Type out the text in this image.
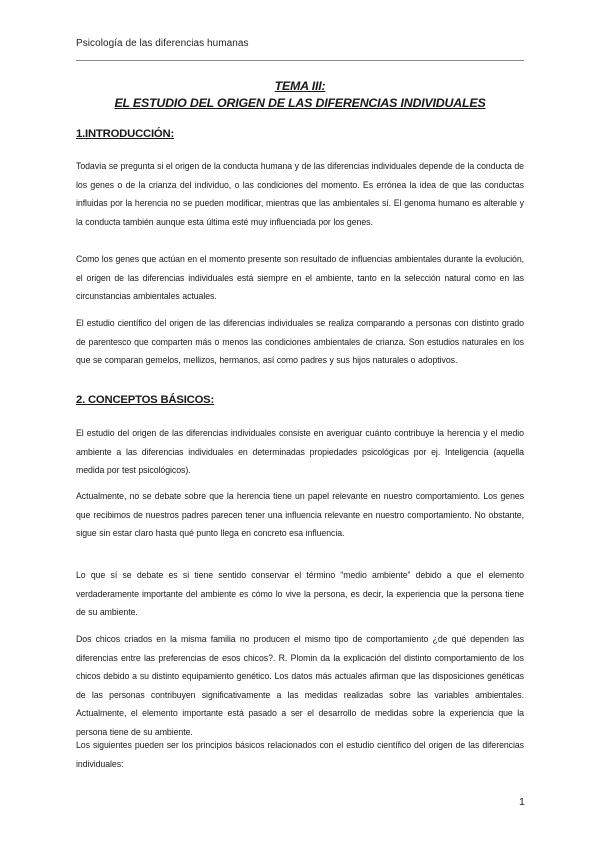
Psicología de las diferencias humanas
TEMA III:
EL ESTUDIO DEL ORIGEN DE LAS DIFERENCIAS INDIVIDUALES
1.INTRODUCCIÓN:

Todavía se pregunta si el origen de la conducta humana y de las diferencias individuales depende de la conducta de los genes o de la crianza del individuo, o las condiciones del momento. Es errónea la idea de que las conductas influidas por la herencia no se pueden modificar, mientras que las ambientales sí. El genoma humano es alterable y la conducta también aunque esta última esté muy influenciada por los genes.

Como los genes que actúan en el momento presente son resultado de influencias ambientales durante la evolución, el origen de las diferencias individuales está siempre en el ambiente, tanto en la selección natural como en las circunstancias ambientales actuales.

El estudio científico del origen de las diferencias individuales se realiza comparando a personas con distinto grado de parentesco que comparten más o menos las condiciones ambientales de crianza. Son estudios naturales en los que se comparan gemelos, mellizos, hermanos, así como padres y sus hijos naturales o adoptivos.

2. CONCEPTOS BÁSICOS:

El estudio del origen de las diferencias individuales consiste en averiguar cuánto contribuye la herencia y el medio ambiente a las diferencias individuales en determinadas propiedades psicológicas por ej. Inteligencia (aquella medida por test psicológicos).

Actualmente, no se debate sobre que la herencia tiene un papel relevante en nuestro comportamiento. Los genes que recibimos de nuestros padres parecen tener una influencia relevante en nuestro comportamiento. No obstante, sigue sin estar claro hasta qué punto llega en concreto esa influencia.

Lo que sí se debate es si tiene sentido conservar el término “medio ambiente” debido a que el elemento verdaderamente importante del ambiente es cómo lo vive la persona, es decir, la experiencia que la persona tiene de su ambiente.

Dos chicos criados en la misma familia no producen el mismo tipo de comportamiento ¿de qué dependen las diferencias entre las preferencias de esos chicos?. R. Plomin da la explicación del distinto comportamiento de los chicos debido a su distinto equipamiento genético. Los datos más actuales afirman que las disposiciones genéticas de las personas contribuyen significativamente a las medidas realizadas sobre las variables ambientales. Actualmente, el elemento importante está pasado a ser el desarrollo de medidas sobre la experiencia que la persona tiene de su ambiente.

Los siguientes pueden ser los principios básicos relacionados con el estudio científico del origen de las diferencias individuales:

1
